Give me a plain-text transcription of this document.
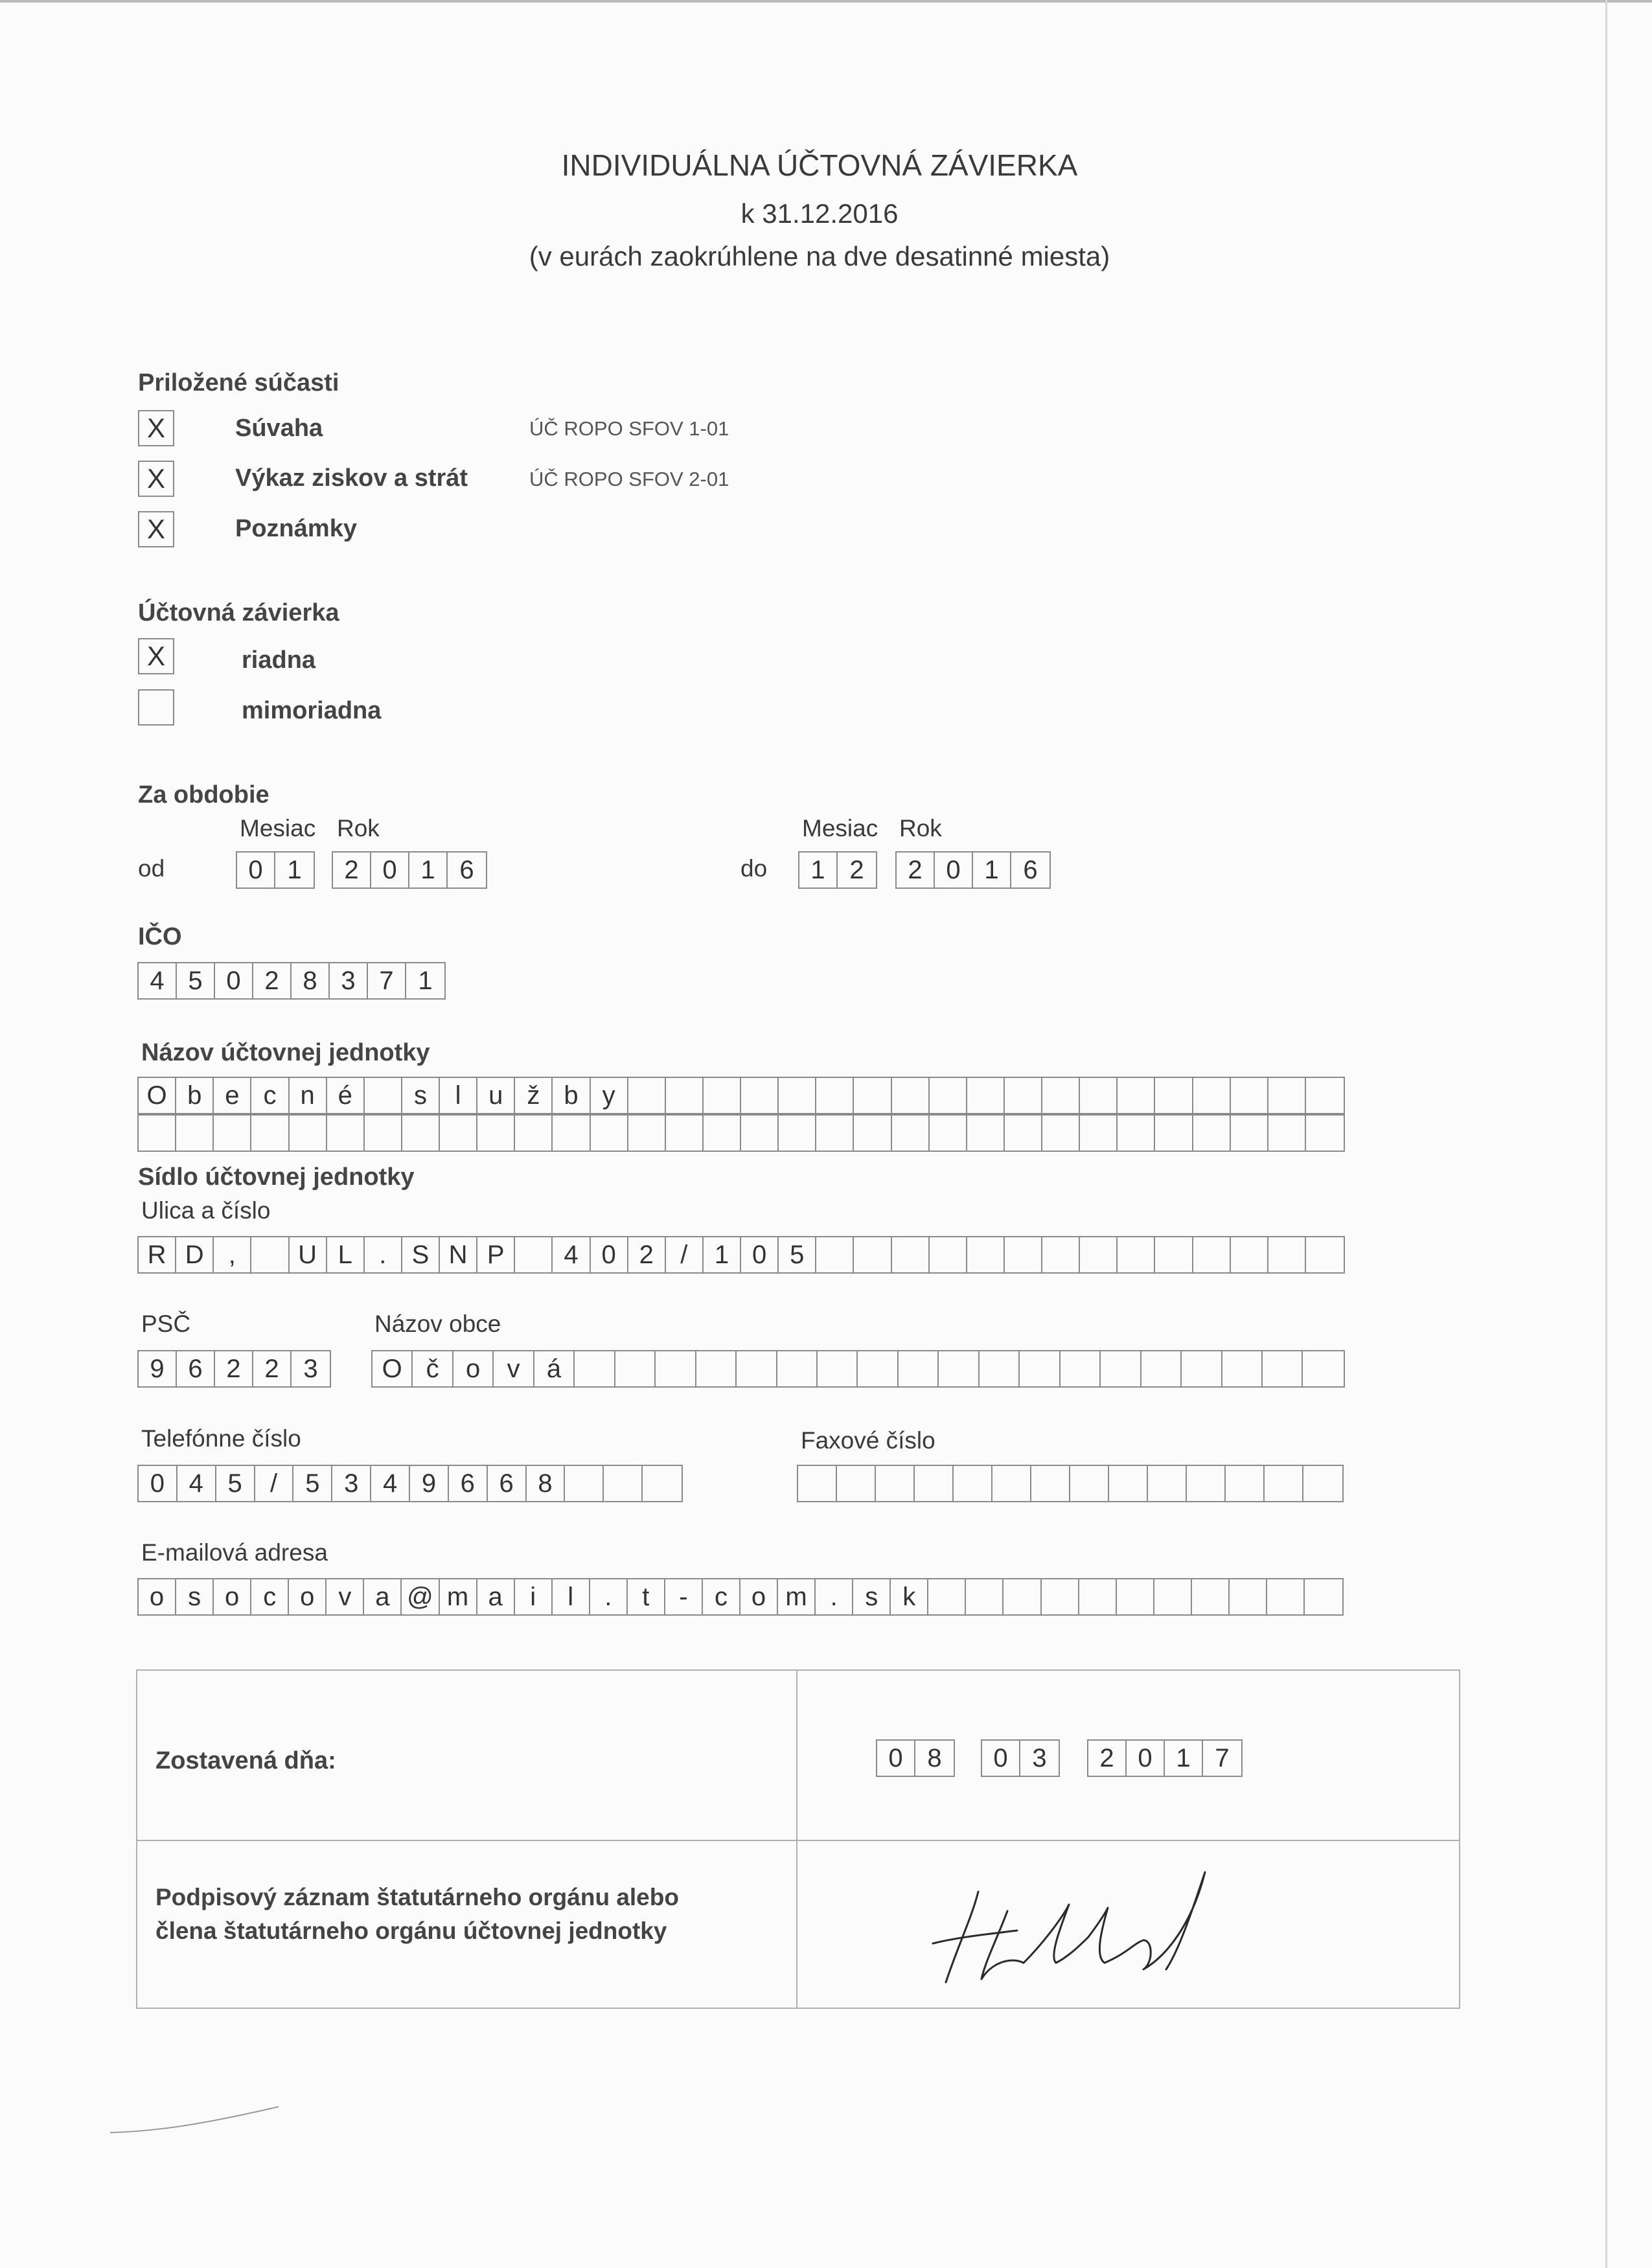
INDIVIDUÁLNA ÚČTOVNÁ ZÁVIERKA
k 31.12.2016
(v eurách zaokrúhlene na dve desatinné miesta)
Priložené súčasti
X	Súvaha	ÚČ ROPO SFOV 1-01
X	Výkaz ziskov a strát	ÚČ ROPO SFOV 2-01
X	Poznámky
Účtovná závierka
X	riadna
mimoriadna
Za obdobie
Mesiac Rok	Mesiac Rok
od	0 1	2 0 1 6	do	1 2	2 0 1 6
IČO
4 5 0 2 8 3 7 1
Názov účtovnej jednotky
O b e c n é	s	l	u ž b y
Sídlo účtovnej jednotky
Ulica a číslo
R D ,	U L	. S N P	4 0 2	/	1 0 5
PSČ	Názov obce
9 6 2 2 3	O č	o	v	á
Telefónne číslo	Faxové číslo
0 4 5	/	5 3 4 9 6 6 8
E-mailová adresa
o s o c o v a @ m a	i	l	.	t	-	c o m .	s k
Zostavená dňa:	0 8	0 3	2 0 1 7
Podpisový záznam štatutárneho orgánu alebo
člena štatutárneho orgánu účtovnej jednotky
